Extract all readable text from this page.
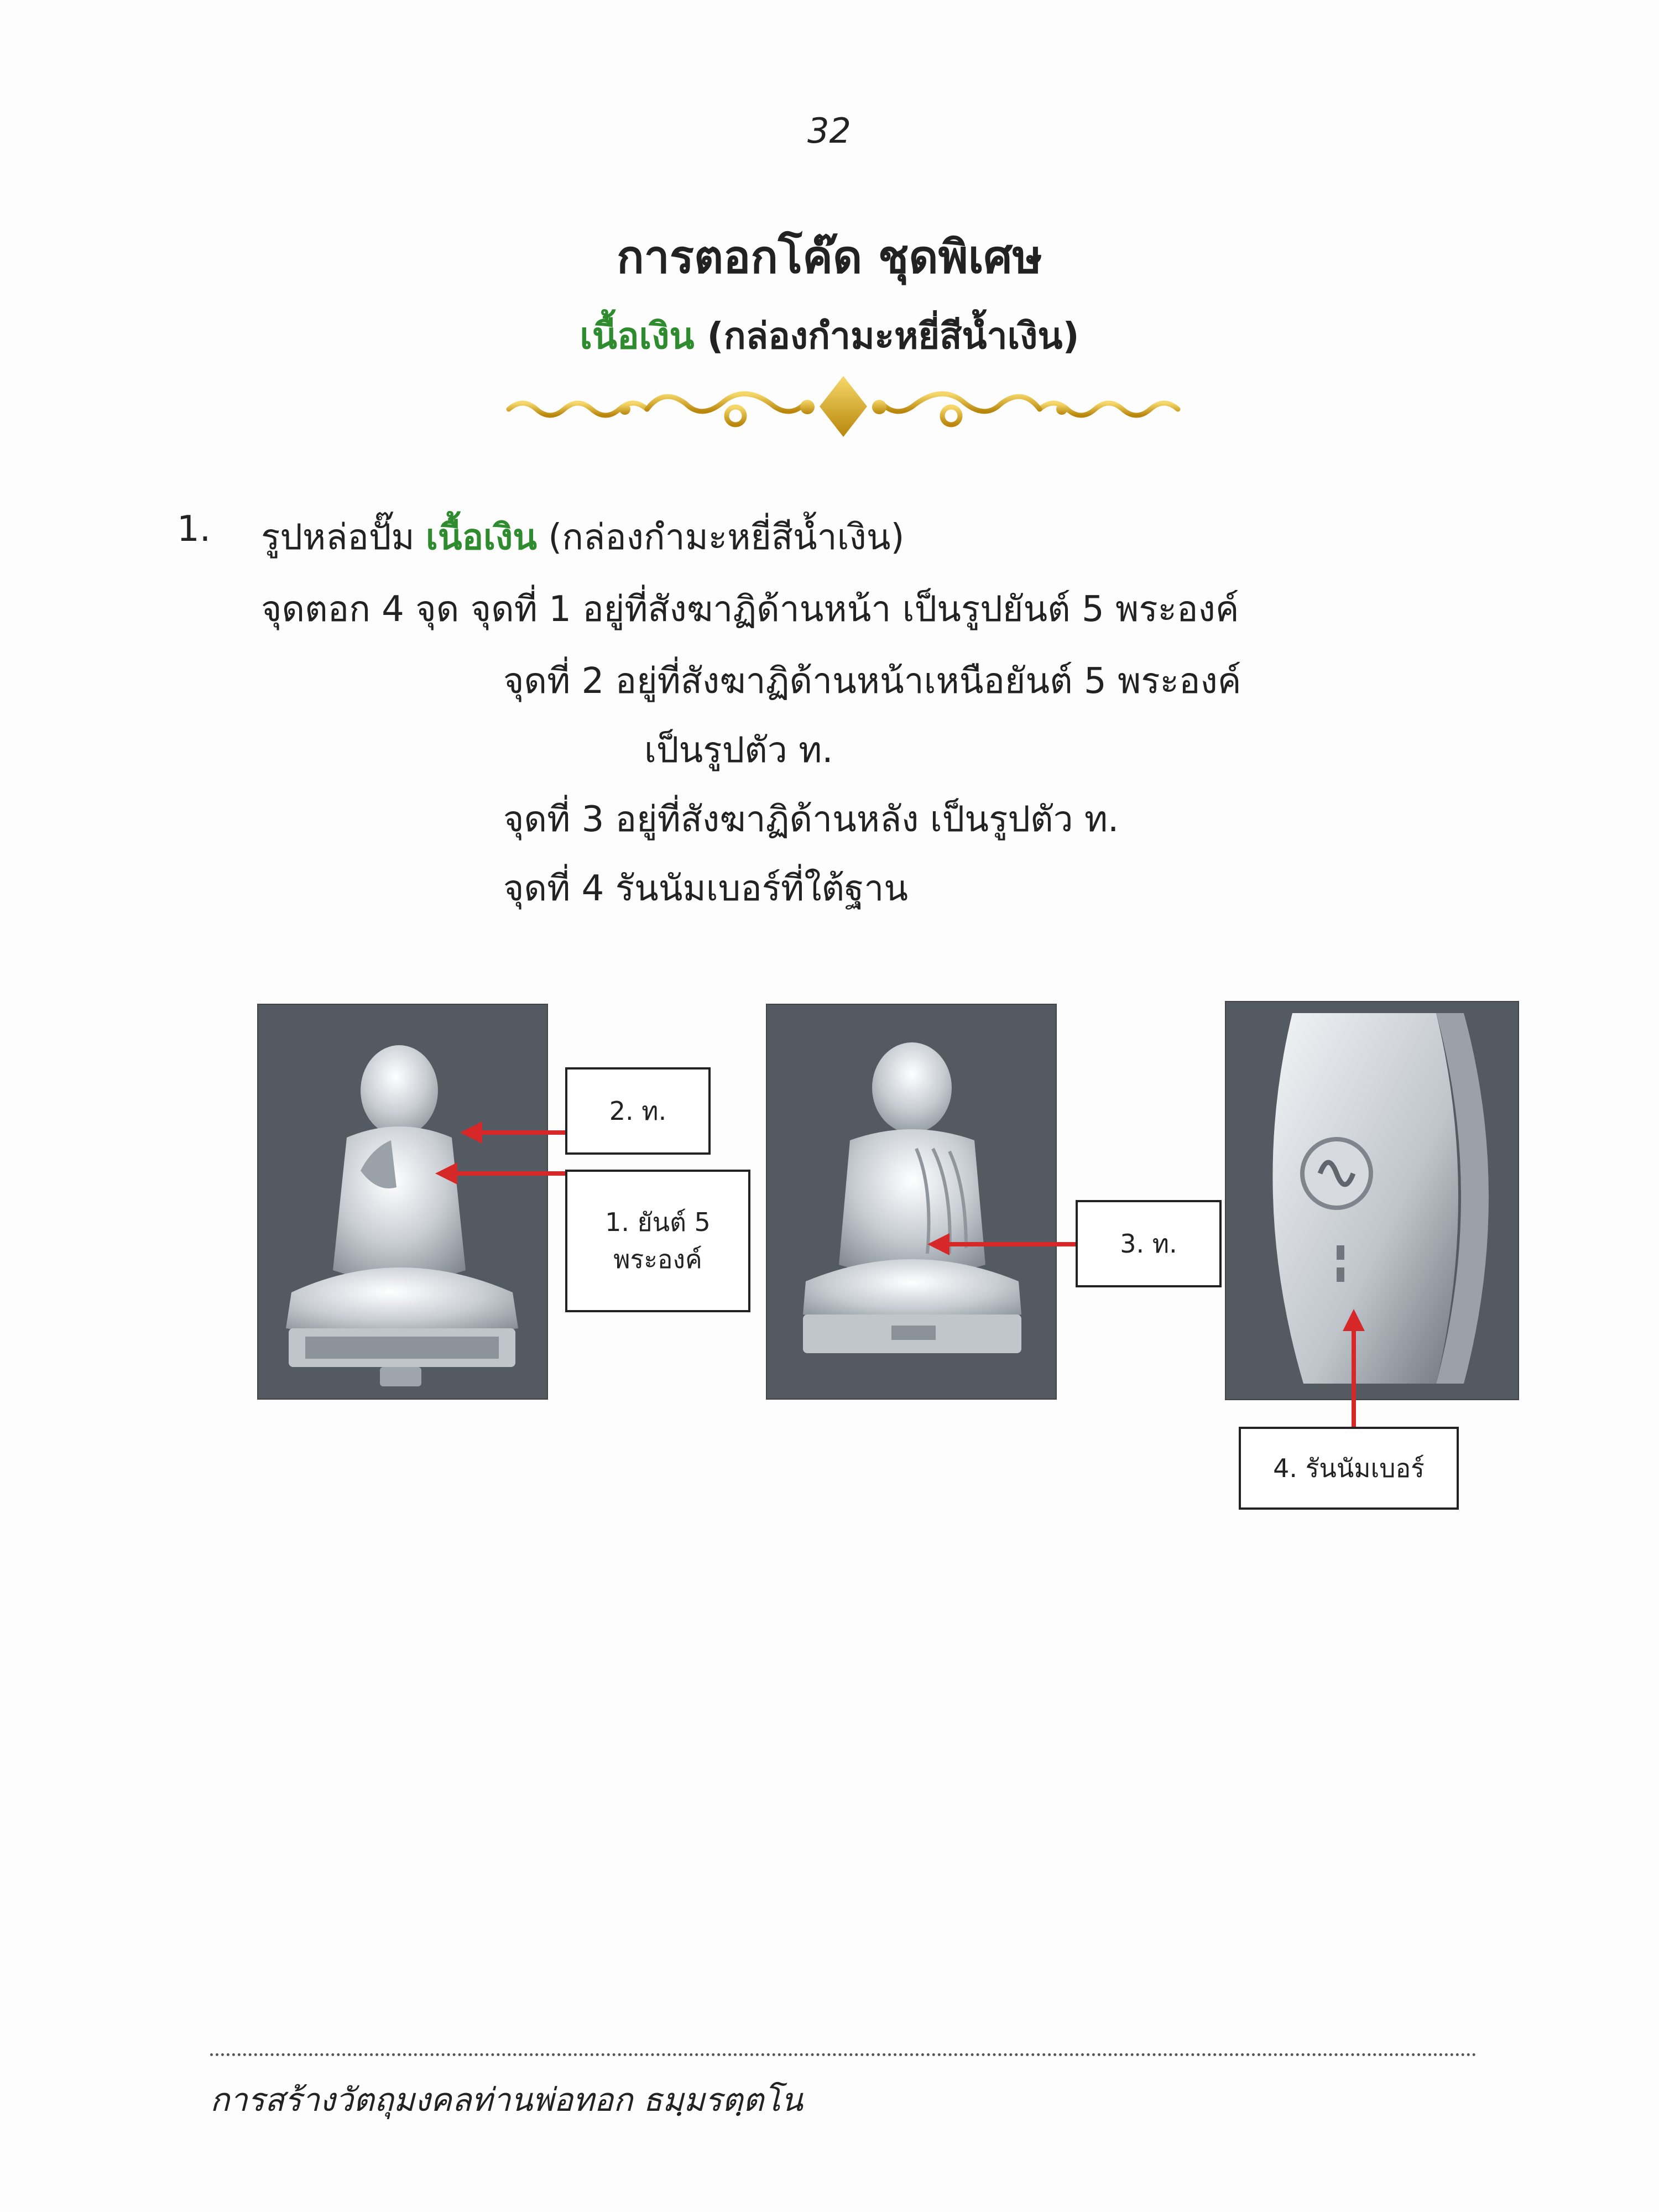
32
การตอกโค๊ด ชุดพิเศษ
เนื้อเงิน (กล่องกำมะหยี่สีน้ำเงิน)
1. รูปหล่อปั๊ม เนื้อเงิน (กล่องกำมะหยี่สีน้ำเงิน)
จุดตอก 4 จุด จุดที่ 1 อยู่ที่สังฆาฏิด้านหน้า เป็นรูปยันต์ 5 พระองค์
จุดที่ 2 อยู่ที่สังฆาฏิด้านหน้าเหนือยันต์ 5 พระองค์
เป็นรูปตัว ท.
จุดที่ 3 อยู่ที่สังฆาฏิด้านหลัง เป็นรูปตัว ท.
จุดที่ 4 รันนัมเบอร์ที่ใต้ฐาน
2. ท.
1. ยันต์ 5
พระองค์
3. ท.
4. รันนัมเบอร์
การสร้างวัตถุมงคลท่านพ่อทอก ธมฺมรตฺตโน
